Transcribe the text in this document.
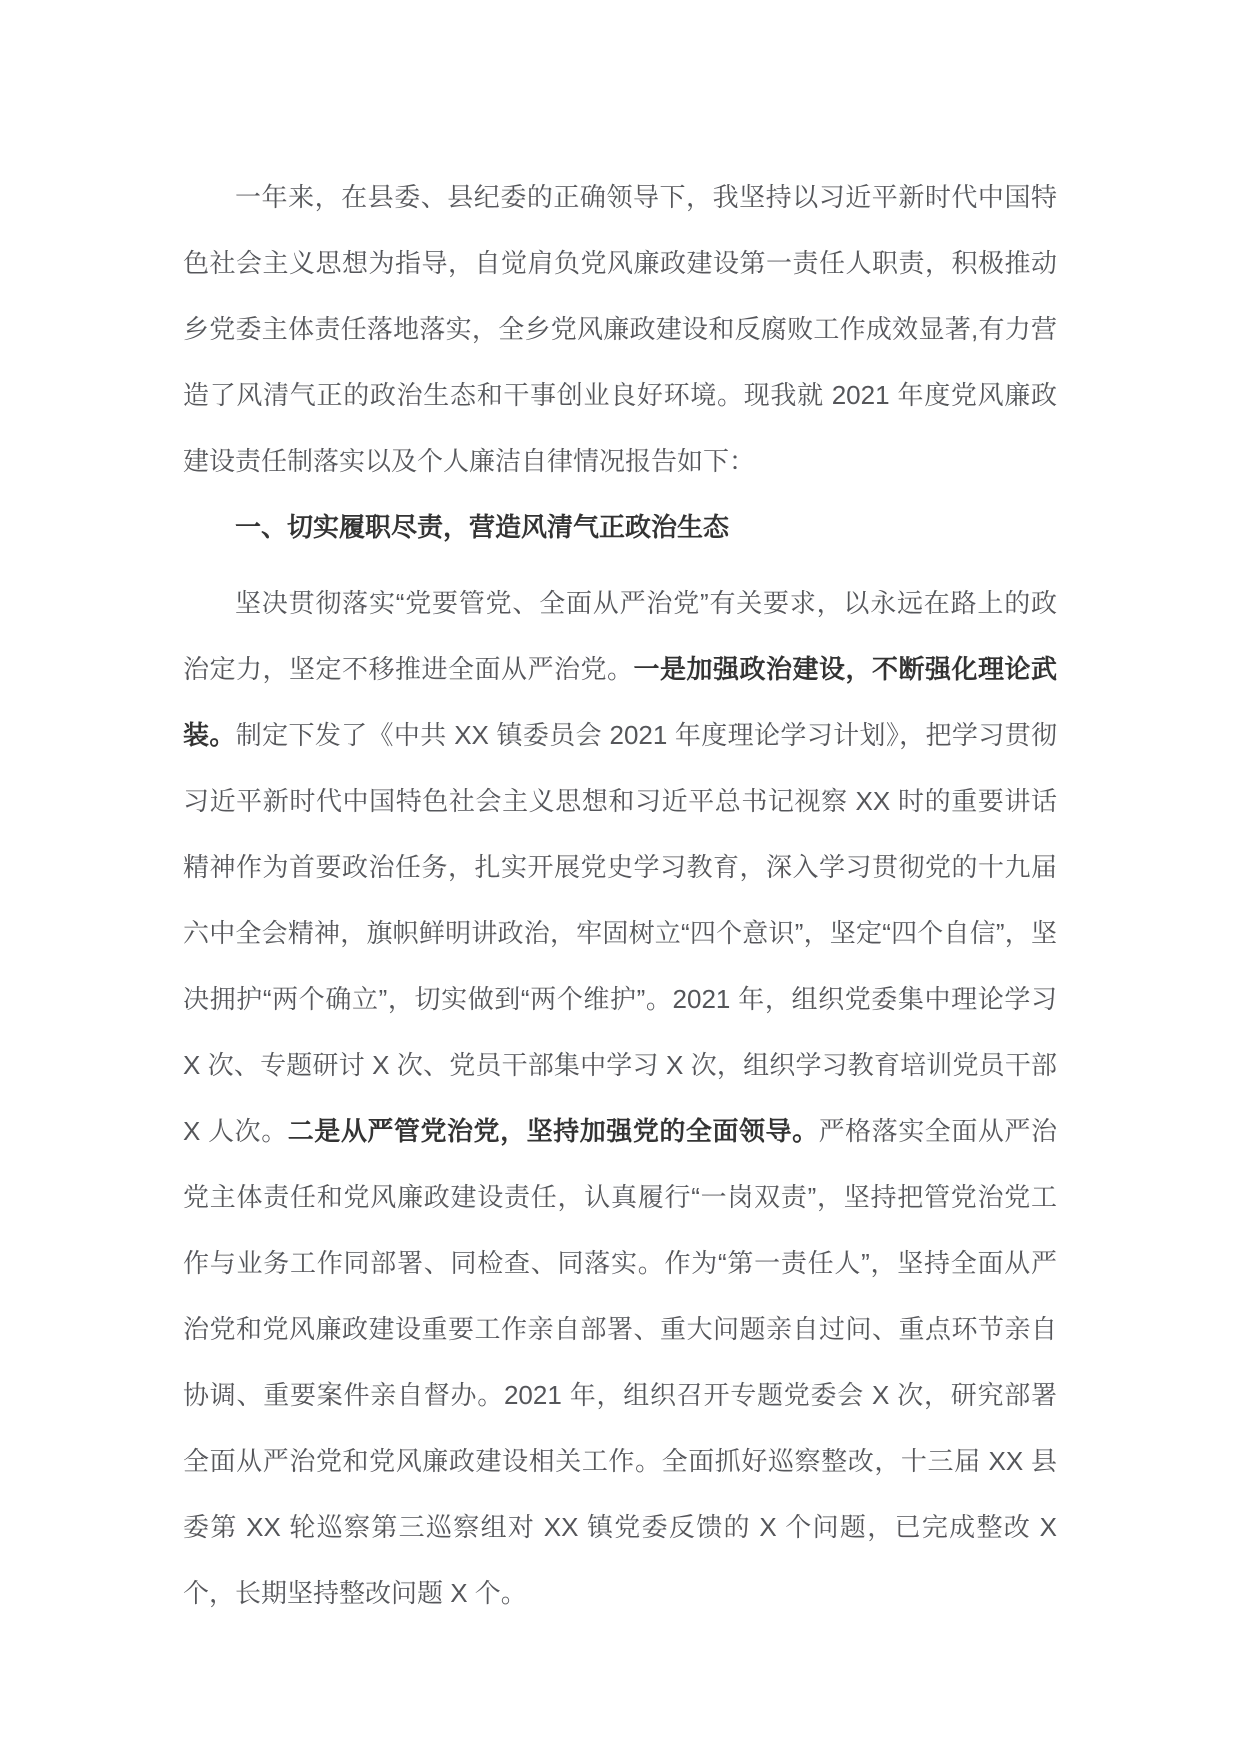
一年来，在县委、县纪委的正确领导下，我坚持以习近平新时代中国特色社会主义思想为指导，自觉肩负党风廉政建设第一责任人职责，积极推动乡党委主体责任落地落实，全乡党风廉政建设和反腐败工作成效显著,有力营造了风清气正的政治生态和干事创业良好环境。现我就 2021 年度党风廉政建设责任制落实以及个人廉洁自律情况报告如下：

一、切实履职尽责，营造风清气正政治生态

坚决贯彻落实“党要管党、全面从严治党”有关要求，以永远在路上的政治定力，坚定不移推进全面从严治党。一是加强政治建设，不断强化理论武装。制定下发了《中共 XX 镇委员会 2021 年度理论学习计划》，把学习贯彻习近平新时代中国特色社会主义思想和习近平总书记视察 XX 时的重要讲话精神作为首要政治任务，扎实开展党史学习教育，深入学习贯彻党的十九届六中全会精神，旗帜鲜明讲政治，牢固树立“四个意识”，坚定“四个自信”，坚决拥护“两个确立”，切实做到“两个维护”。2021 年，组织党委集中理论学习 X 次、专题研讨 X 次、党员干部集中学习 X 次，组织学习教育培训党员干部 X 人次。二是从严管党治党，坚持加强党的全面领导。严格落实全面从严治党主体责任和党风廉政建设责任，认真履行“一岗双责”，坚持把管党治党工作与业务工作同部署、同检查、同落实。作为“第一责任人”，坚持全面从严治党和党风廉政建设重要工作亲自部署、重大问题亲自过问、重点环节亲自协调、重要案件亲自督办。2021 年，组织召开专题党委会 X 次，研究部署全面从严治党和党风廉政建设相关工作。全面抓好巡察整改，十三届 XX 县委第 XX 轮巡察第三巡察组对 XX 镇党委反馈的 X 个问题，已完成整改 X 个，长期坚持整改问题 X 个。
